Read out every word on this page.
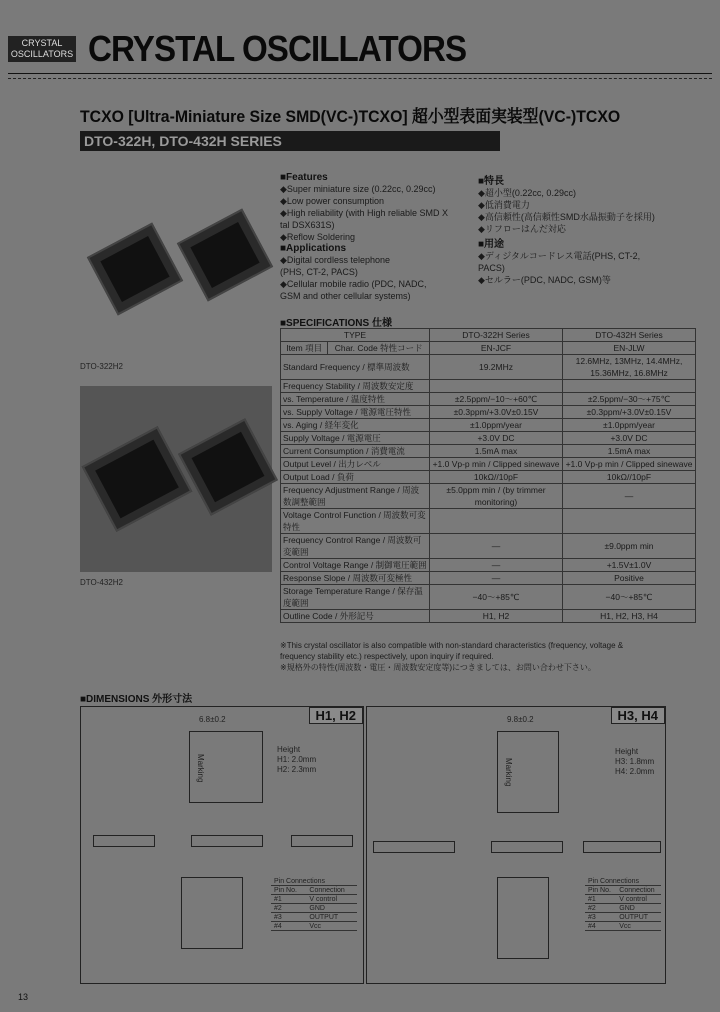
CRYSTAL OSCILLATORS CRYSTAL OSCILLATORS
TCXO [Ultra-Miniature Size SMD(VC-)TCXO] 超小型表面実装型(VC-)TCXO
DTO-322H, DTO-432H SERIES
DTO-322H2
DTO-432H2
■Features
◆Super miniature size (0.22cc, 0.29cc)
◆Low power consumption
◆High reliability (with High reliable SMD X
tal DSX631S)
◆Reflow Soldering
■Applications
◆Digital cordless telephone
(PHS, CT-2, PACS)
◆Cellular mobile radio (PDC, NADC,
GSM and other cellular systems)
■特長
◆超小型(0.22cc, 0.29cc)
◆低消費電力
◆高信頼性(高信頼性SMD水晶振動子を採用)
◆リフローはんだ対応
■用途
◆ディジタルコードレス電話(PHS, CT-2,
PACS)
◆セルラー(PDC, NADC, GSM)等
■SPECIFICATIONS 仕様
TYPE		DTO-322H Series	DTO-432H Series
Item 項目	Char. Code 特性コード	EN-JCF	EN-JLW
Standard Frequency / 標準周波数		19.2MHz	12.6MHz, 13MHz, 14.4MHz, 15.36MHz, 16.8MHz
Frequency Stability / 周波数安定度			
vs. Temperature / 温度特性		±2.5ppm/−10〜+60℃	±2.5ppm/−30〜+75℃
vs. Supply Voltage / 電源電圧特性		±0.3ppm/+3.0V±0.15V	±0.3ppm/+3.0V±0.15V
vs. Aging / 経年変化		±1.0ppm/year	±1.0ppm/year
Supply Voltage / 電源電圧		+3.0V DC	+3.0V DC
Current Consumption / 消費電流		1.5mA max	1.5mA max
Output Level / 出力レベル		+1.0 Vp-p min / Clipped sinewave	+1.0 Vp-p min / Clipped sinewave
Output Load / 負荷		10kΩ//10pF	10kΩ//10pF
Frequency Adjustment Range / 周波数調整範囲		±5.0ppm min / (by trimmer monitoring)	—
Voltage Control Function / 周波数可変特性			
Frequency Control Range / 周波数可変範囲		—	±9.0ppm min
Control Voltage Range / 制御電圧範囲		—	+1.5V±1.0V
Response Slope / 周波数可変極性		—	Positive
Storage Temperature Range / 保存温度範囲		−40〜+85℃	−40〜+85℃
Outline Code / 外形記号		H1, H2	H1, H2, H3, H4
※This crystal oscillator is also compatible with non-standard characteristics (frequency, voltage &
frequency stability etc.) respectively, upon inquiry if required.
※規格外の特性(周波数・電圧・周波数安定度等)につきましては、お問い合わせ下さい。
■DIMENSIONS 外形寸法
H1, H2
6.8±0.2
Marking
Height
H1: 2.0mm
H2: 2.3mm
Pin Connections	
Pin No.	Connection
#1	V control
#2	GND
#3	OUTPUT
#4	Vcc
H3, H4
9.8±0.2
Marking
Height
H3: 1.8mm
H4: 2.0mm
Pin Connections	
Pin No.	Connection
#1	V control
#2	GND
#3	OUTPUT
#4	Vcc
13
